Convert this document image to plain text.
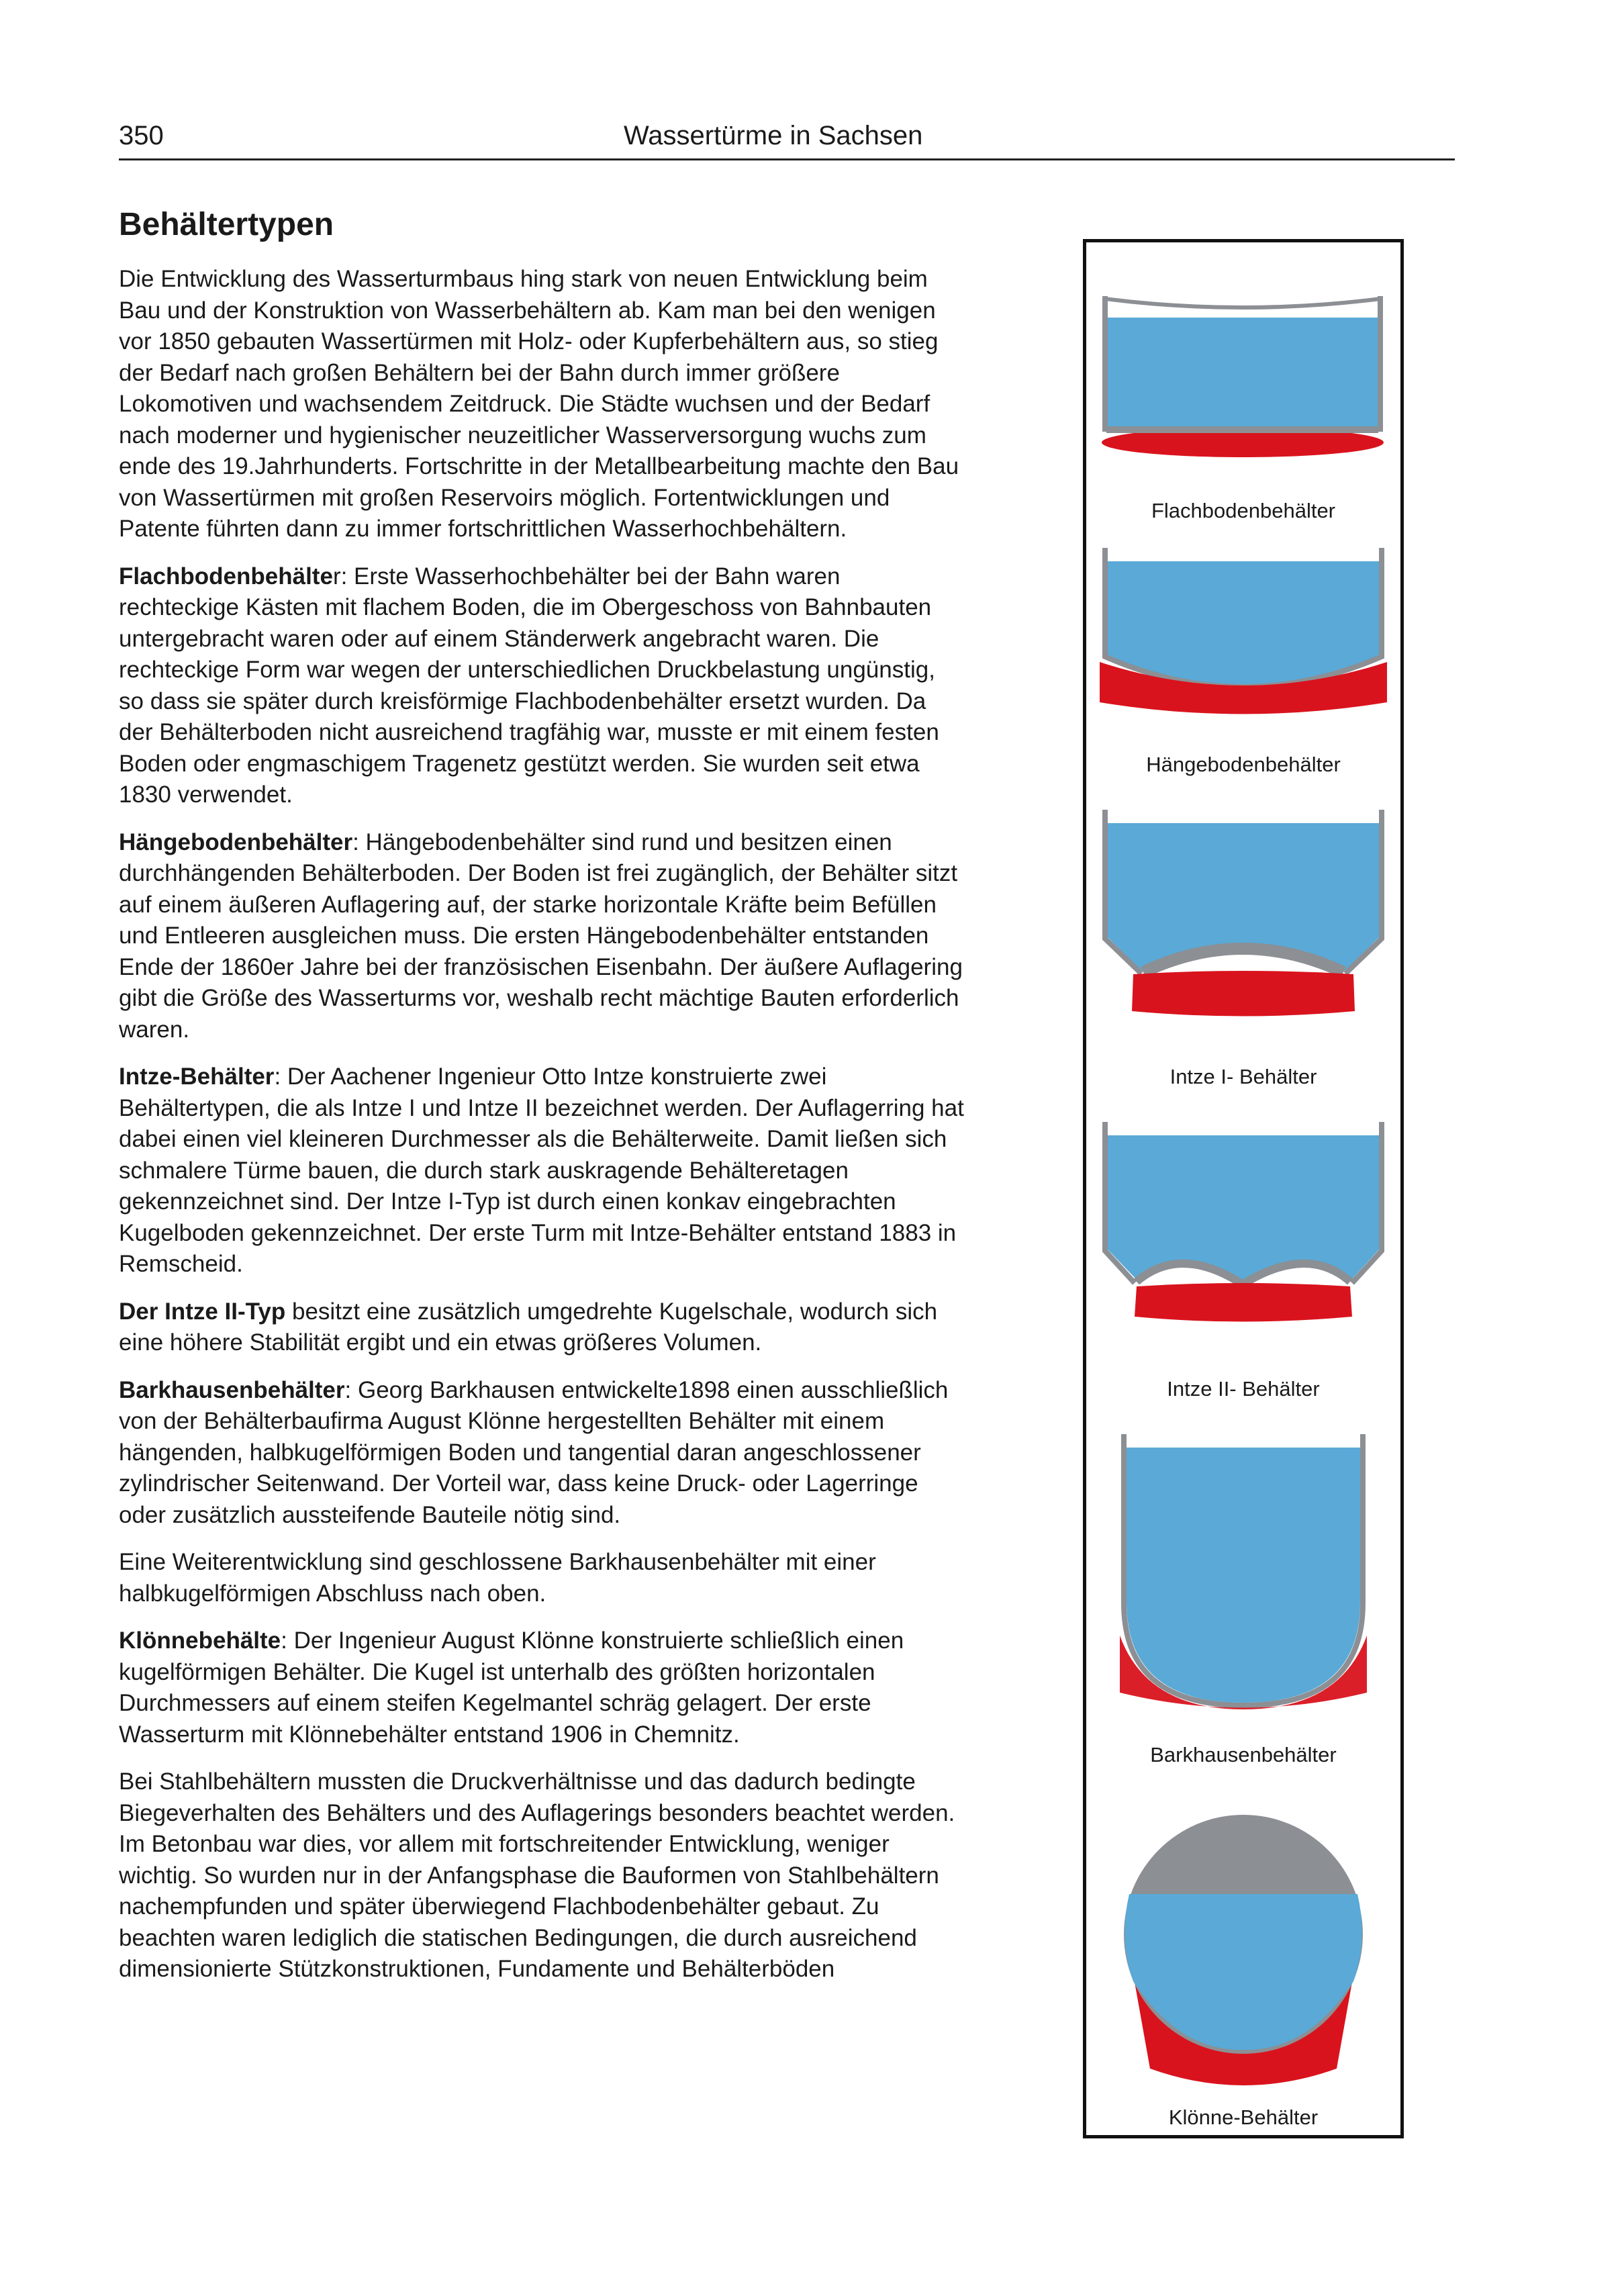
350	Wassertürme in Sachsen
Behältertypen

Die Entwicklung des Wasserturmbaus hing stark von neuen Entwicklung beim Bau und der Konstruktion von Wasserbehältern ab. Kam man bei den wenigen vor 1850 gebauten Wassertürmen mit Holz- oder Kupferbehältern aus, so stieg der Bedarf nach großen Behältern bei der Bahn durch immer größere Lokomotiven und wachsendem Zeitdruck. Die Städte wuchsen und der Bedarf nach moderner und hygienischer neuzeitlicher Wasserversorgung wuchs zum ende des 19.Jahrhunderts. Fortschritte in der Metallbearbeitung machte den Bau von Wassertürmen mit großen Reservoirs möglich. Fortentwicklungen und Patente führten dann zu immer fortschrittlichen Wasserhochbehältern.

Flachbodenbehälter: Erste Wasserhochbehälter bei der Bahn waren rechteckige Kästen mit flachem Boden, die im Obergeschoss von Bahnbauten untergebracht waren oder auf einem Ständerwerk angebracht waren. Die rechteckige Form war wegen der unterschiedlichen Druckbelastung ungünstig, so dass sie später durch kreisförmige Flachbodenbehälter ersetzt wurden. Da der Behälterboden nicht ausreichend tragfähig war, musste er mit einem festen Boden oder engmaschigem Tragenetz gestützt werden. Sie wurden seit etwa 1830 verwendet.

Hängebodenbehälter: Hängebodenbehälter sind rund und besitzen einen durchhängenden Behälterboden. Der Boden ist frei zugänglich, der Behälter sitzt auf einem äußeren Auflagering auf, der starke horizontale Kräfte beim Befüllen und Entleeren ausgleichen muss. Die ersten Hängebodenbehälter entstanden Ende der 1860er Jahre bei der französischen Eisenbahn. Der äußere Auflagering gibt die Größe des Wasserturms vor, weshalb recht mächtige Bauten erforderlich waren.

Intze-Behälter: Der Aachener Ingenieur Otto Intze konstruierte zwei Behältertypen, die als Intze I und Intze II bezeichnet werden. Der Auflagerring hat dabei einen viel kleineren Durchmesser als die Behälterweite. Damit ließen sich schmalere Türme bauen, die durch stark auskragende Behälteretagen gekennzeichnet sind. Der Intze I-Typ ist durch einen konkav eingebrachten Kugelboden gekennzeichnet. Der erste Turm mit Intze-Behälter entstand 1883 in Remscheid.

Der Intze II-Typ besitzt eine zusätzlich umgedrehte Kugelschale, wodurch sich eine höhere Stabilität ergibt und ein etwas größeres Volumen.

Barkhausenbehälter: Georg Barkhausen entwickelte1898 einen ausschließlich von der Behälterbaufirma August Klönne hergestellten Behälter mit einem hängenden, halbkugelförmigen Boden und tangential daran angeschlossener zylindrischer Seitenwand. Der Vorteil war, dass keine Druck- oder Lagerringe oder zusätzlich aussteifende Bauteile nötig sind.

Eine Weiterentwicklung sind geschlossene Barkhausenbehälter mit einer halbkugelförmigen Abschluss nach oben.

Klönnebehälte: Der Ingenieur August Klönne konstruierte schließlich einen kugelförmigen Behälter. Die Kugel ist unterhalb des größten horizontalen Durchmessers auf einem steifen Kegelmantel schräg gelagert. Der erste Wasserturm mit Klönnebehälter entstand 1906 in Chemnitz.

Bei Stahlbehältern mussten die Druckverhältnisse und das dadurch bedingte Biegeverhalten des Behälters und des Auflagerings besonders beachtet werden. Im Betonbau war dies, vor allem mit fortschreitender Entwicklung, weniger wichtig. So wurden nur in der Anfangsphase die Bauformen von Stahlbehältern nachempfunden und später überwiegend Flachbodenbehälter gebaut. Zu beachten waren lediglich die statischen Bedingungen, die durch ausreichend dimensionierte Stützkonstruktionen, Fundamente und Behälterböden

Flachbodenbehälter
Hängebodenbehälter
Intze I- Behälter
Intze II- Behälter
Barkhausenbehälter
Klönne-Behälter
